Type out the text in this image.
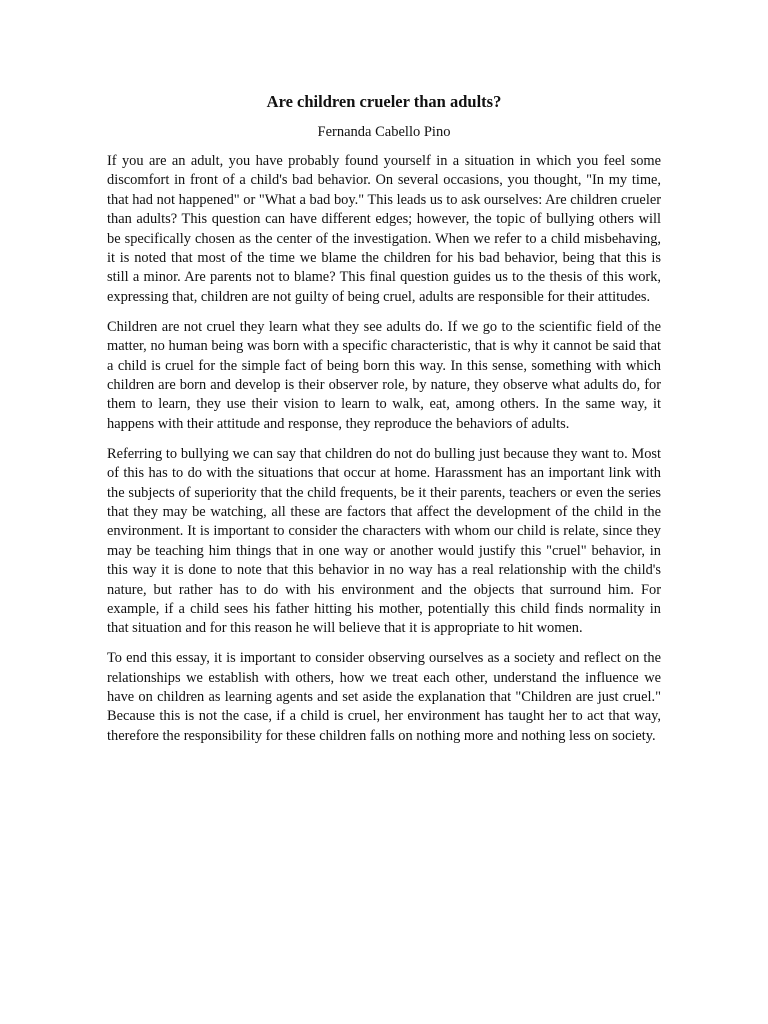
Are children crueler than adults?

Fernanda Cabello Pino

If you are an adult, you have probably found yourself in a situation in which you feel some discomfort in front of a child's bad behavior. On several occasions, you thought, "In my time, that had not happened" or "What a bad boy." This leads us to ask ourselves: Are children crueler than adults? This question can have different edges; however, the topic of bullying others will be specifically chosen as the center of the investigation. When we refer to a child misbehaving, it is noted that most of the time we blame the children for his bad behavior, being that this is still a minor. Are parents not to blame? This final question guides us to the thesis of this work, expressing that, children are not guilty of being cruel, adults are responsible for their attitudes.

Children are not cruel they learn what they see adults do. If we go to the scientific field of the matter, no human being was born with a specific characteristic, that is why it cannot be said that a child is cruel for the simple fact of being born this way. In this sense, something with which children are born and develop is their observer role, by nature, they observe what adults do, for them to learn, they use their vision to learn to walk, eat, among others. In the same way, it happens with their attitude and response, they reproduce the behaviors of adults.

Referring to bullying we can say that children do not do bulling just because they want to. Most of this has to do with the situations that occur at home. Harassment has an important link with the subjects of superiority that the child frequents, be it their parents, teachers or even the series that they may be watching, all these are factors that affect the development of the child in the environment. It is important to consider the characters with whom our child is relate, since they may be teaching him things that in one way or another would justify this "cruel" behavior, in this way it is done to note that this behavior in no way has a real relationship with the child's nature, but rather has to do with his environment and the objects that surround him. For example, if a child sees his father hitting his mother, potentially this child finds normality in that situation and for this reason he will believe that it is appropriate to hit women.

To end this essay, it is important to consider observing ourselves as a society and reflect on the relationships we establish with others, how we treat each other, understand the influence we have on children as learning agents and set aside the explanation that "Children are just cruel." Because this is not the case, if a child is cruel, her environment has taught her to act that way, therefore the responsibility for these children falls on nothing more and nothing less on society.
